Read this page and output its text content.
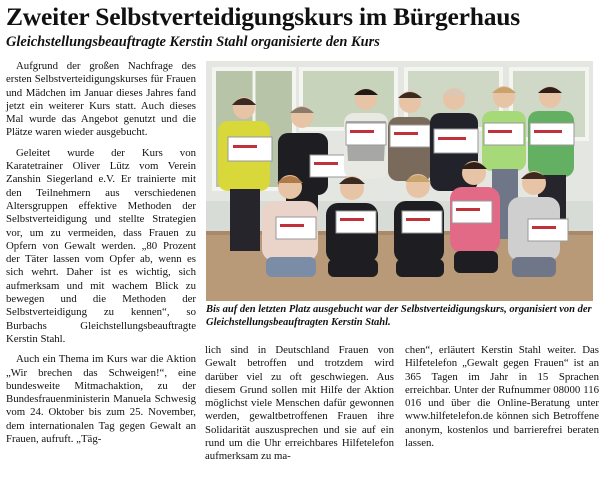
Zweiter Selbstverteidigungskurs im Bürgerhaus
Gleichstellungsbeauftragte Kerstin Stahl organisierte den Kurs

Aufgrund der großen Nachfrage des ersten Selbstverteidigungskurses für Frauen und Mädchen im Januar dieses Jahres fand jetzt ein weiterer Kurs statt. Auch dieses Mal wurde das Angebot genutzt und die Plätze waren wieder ausgebucht.

Geleitet wurde der Kurs von Karatetrainer Oliver Lütz vom Verein Zanshin Siegerland e.V. Er trainierte mit den Teilnehmern aus verschiedenen Altersgruppen effektive Methoden der Selbstverteidigung und stellte Strategien vor, um zu vermeiden, dass Frauen zu Opfern von Gewalt werden. „80 Prozent der Täter lassen vom Opfer ab, wenn es sich wehrt. Daher ist es wichtig, sich aufmerksam und mit wachem Blick zu bewegen und die Methoden der Selbstverteidigung zu kennen“, so Burbachs Gleichstellungsbeauftragte Kerstin Stahl.

Auch ein Thema im Kurs war die Aktion „Wir brechen das Schweigen!“, eine bundesweite Mitmachaktion, zu der Bundesfrauenministerin Manuela Schwesig vom 24. Oktober bis zum 25. November, dem internationalen Tag gegen Gewalt an Frauen, aufruft. „Täg-

Bis auf den letzten Platz ausgebucht war der Selbstverteidigungskurs, organisiert von der Gleichstellungsbeauftragten Kerstin Stahl.

lich sind in Deutschland Frauen von Gewalt betroffen und trotzdem wird darüber viel zu oft geschwiegen. Aus diesem Grund sollen mit Hilfe der Aktion möglichst viele Menschen dafür gewonnen werden, gewaltbetroffenen Frauen ihre Solidarität auszusprechen und sie auf ein rund um die Uhr erreichbares Hilfetelefon aufmerksam zu ma-

chen“, erläutert Kerstin Stahl weiter. Das Hilfetelefon „Gewalt gegen Frauen“ ist an 365 Tagen im Jahr in 15 Sprachen erreichbar. Unter der Rufnummer 08000 116 016 und über die Online-Beratung unter www.hilfetelefon.de können sich Betroffene anonym, kostenlos und barrierefrei beraten lassen.
